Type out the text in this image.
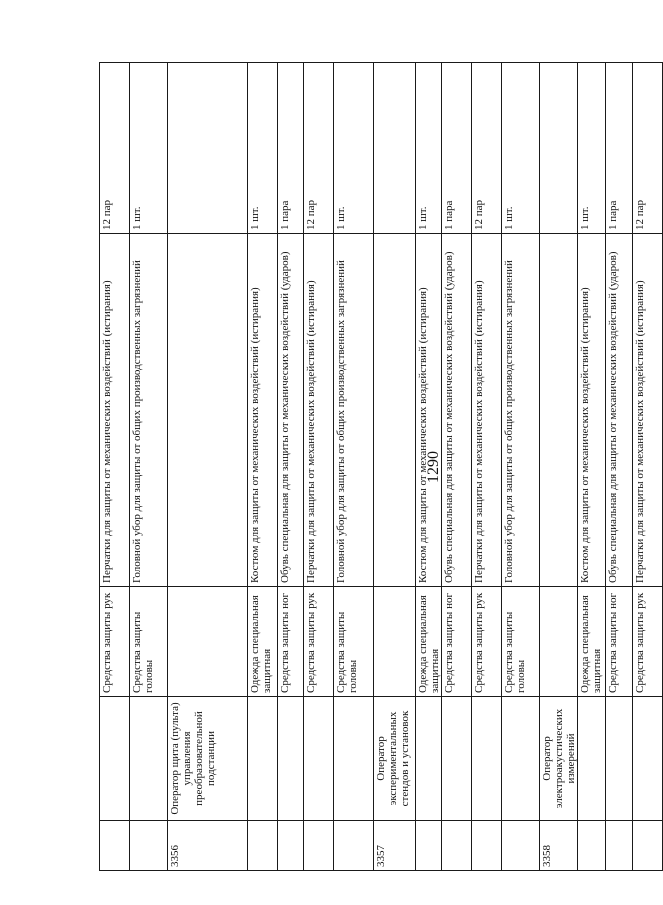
1290
		Средства защиты рук	Перчатки для защиты от механических воздействий (истирания)	12 пар
		Средства защиты головы	Головной убор для защиты от общих производственных загрязнений	1 шт.
3356	Оператор щита (пульта) управления преобразовательной подстанции			
		Одежда специальная защитная	Костюм для защиты от механических воздействий (истирания)	1 шт.
		Средства защиты ног	Обувь специальная для защиты от механических воздействий (ударов)	1 пара
		Средства защиты рук	Перчатки для защиты от механических воздействий (истирания)	12 пар
		Средства защиты головы	Головной убор для защиты от общих производственных загрязнений	1 шт.
3357	Оператор экспериментальных стендов и установок			
		Одежда специальная защитная	Костюм для защиты от механических воздействий (истирания)	1 шт.
		Средства защиты ног	Обувь специальная для защиты от механических воздействий (ударов)	1 пара
		Средства защиты рук	Перчатки для защиты от механических воздействий (истирания)	12 пар
		Средства защиты головы	Головной убор для защиты от общих производственных загрязнений	1 шт.
3358	Оператор электроакустических измерений			
		Одежда специальная защитная	Костюм для защиты от механических воздействий (истирания)	1 шт.
		Средства защиты ног	Обувь специальная для защиты от механических воздействий (ударов)	1 пара
		Средства защиты рук	Перчатки для защиты от механических воздействий (истирания)	12 пар
